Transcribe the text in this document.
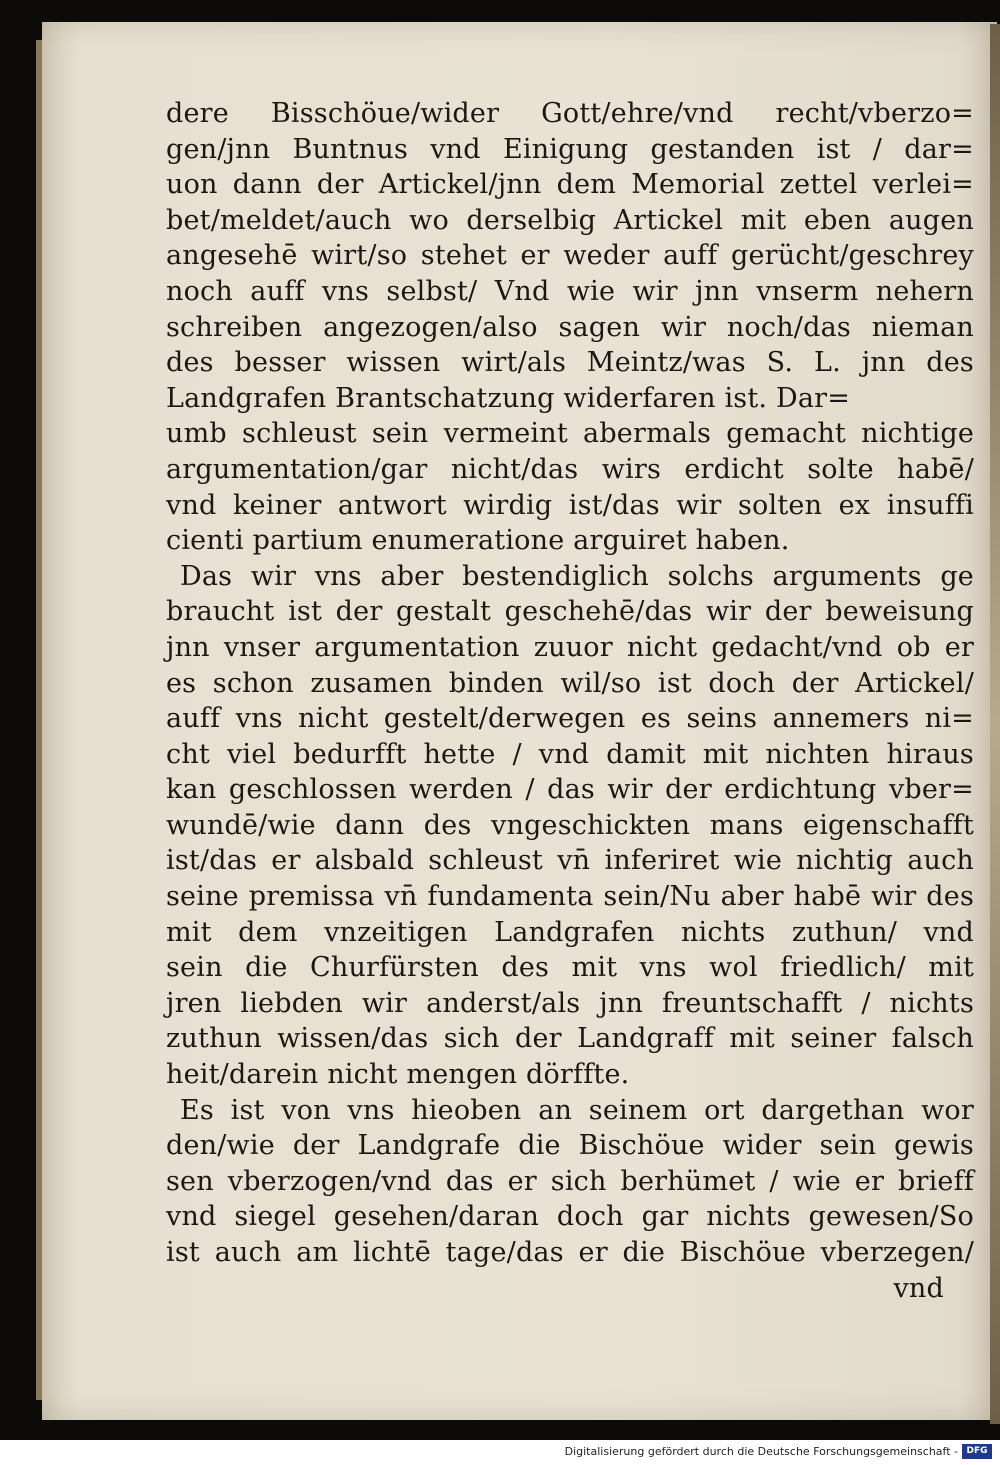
dere Bisschöue/wider Gott/ehre/vnd recht/vberzo=
gen/jnn Buntnus vnd Einigung gestanden ist / dar=
uon dann der Artickel/jnn dem Memorial zettel verlei=
bet/meldet/auch wo derselbig Artickel mit eben augen
angesehē wirt/so stehet er weder auff gerücht/geschrey
noch auff vns selbst/ Vnd wie wir jnn vnserm nehern
schreiben angezogen/also sagen wir noch/das nieman
des besser wissen wirt/als Meintz/was S. L. jnn des
Landgrafen Brantschatzung widerfaren ist. Dar=
umb schleust sein vermeint abermals gemacht nichtige
argumentation/gar nicht/das wirs erdicht solte habē/
vnd keiner antwort wirdig ist/das wir solten ex insuffi
cienti partium enumeratione arguiret haben.
Das wir vns aber bestendiglich solchs arguments ge
braucht ist der gestalt geschehē/das wir der beweisung
jnn vnser argumentation zuuor nicht gedacht/vnd ob er
es schon zusamen binden wil/so ist doch der Artickel/
auff vns nicht gestelt/derwegen es seins annemers ni=
cht viel bedurfft hette / vnd damit mit nichten hiraus
kan geschlossen werden / das wir der erdichtung vber=
wundē/wie dann des vngeschickten mans eigenschafft
ist/das er alsbald schleust vn̄ inferiret wie nichtig auch
seine premissa vn̄ fundamenta sein/Nu aber habē wir des
mit dem vnzeitigen Landgrafen nichts zuthun/ vnd
sein die Churfürsten des mit vns wol friedlich/ mit
jren liebden wir anderst/als jnn freuntschafft / nichts
zuthun wissen/das sich der Landgraff mit seiner falsch
heit/darein nicht mengen dörffte.
Es ist von vns hieoben an seinem ort dargethan wor
den/wie der Landgrafe die Bischöue wider sein gewis
sen vberzogen/vnd das er sich berhümet / wie er brieff
vnd siegel gesehen/daran doch gar nichts gewesen/So
ist auch am lichtē tage/das er die Bischöue vberzegen/
vnd
Digitalisierung gefördert durch die Deutsche Forschungsgemeinschaft - DFG
